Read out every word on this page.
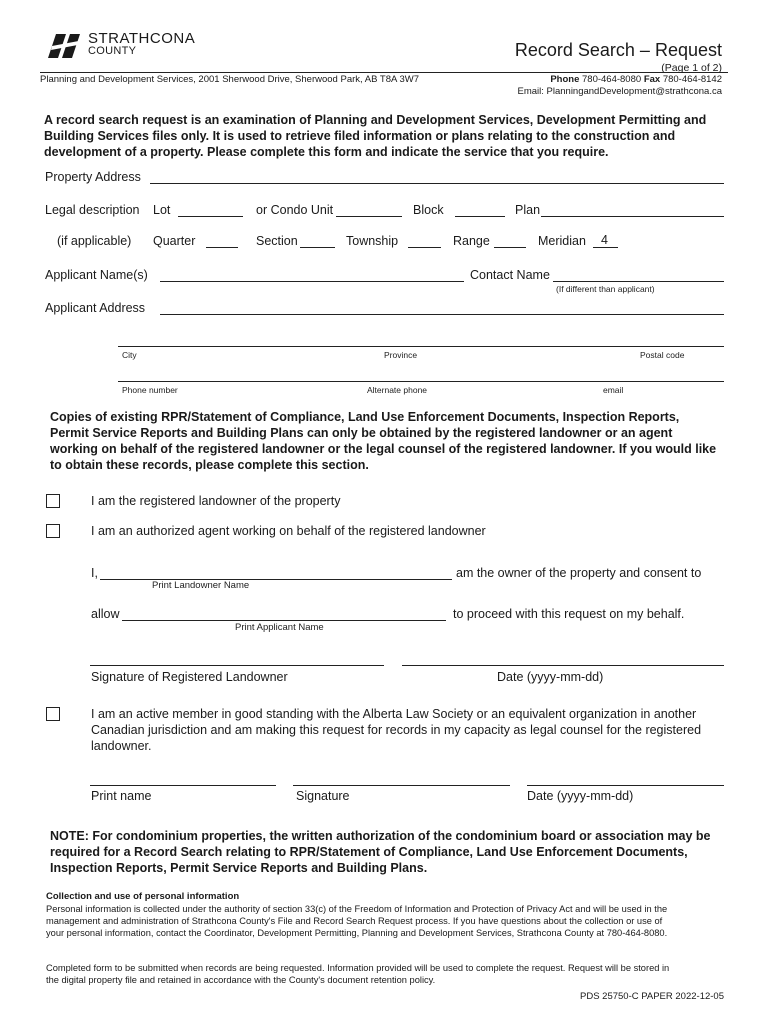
STRATHCONA
COUNTY	Record Search – Request
(Page 1 of 2)
Planning and Development Services, 2001 Sherwood Drive, Sherwood Park, AB T8A 3W7	Phone 780-464-8080 Fax 780-464-8142
Email: PlanningandDevelopment@strathcona.ca
A record search request is an examination of Planning and Development Services, Development Permitting and
Building Services files only. It is used to retrieve filed information or plans relating to the construction and
development of a property. Please complete this form and indicate the service that you require.
Property Address
Legal description Lot	or Condo Unit	Block	Plan
(if applicable) Quarter	Section	Township	Range	Meridian 4
Applicant Name(s)	Contact Name
(If different than applicant)
Applicant Address
City	Province	Postal code
Phone number	Alternate phone	email
Copies of existing RPR/Statement of Compliance, Land Use Enforcement Documents, Inspection Reports,
Permit Service Reports and Building Plans can only be obtained by the registered landowner or an agent
working on behalf of the registered landowner or the legal counsel of the registered landowner. If you would like
to obtain these records, please complete this section.
I am the registered landowner of the property
I am an authorized agent working on behalf of the registered landowner
I,	am the owner of the property and consent to
Print Landowner Name
allow	to proceed with this request on my behalf.
Print Applicant Name
Signature of Registered Landowner	Date (yyyy-mm-dd)
I am an active member in good standing with the Alberta Law Society or an equivalent organization in another
Canadian jurisdiction and am making this request for records in my capacity as legal counsel for the registered
landowner.
Print name	Signature	Date (yyyy-mm-dd)
NOTE: For condominium properties, the written authorization of the condominium board or association may be
required for a Record Search relating to RPR/Statement of Compliance, Land Use Enforcement Documents,
Inspection Reports, Permit Service Reports and Building Plans.
Collection and use of personal information
Personal information is collected under the authority of section 33(c) of the Freedom of Information and Protection of Privacy Act and will be used in the
management and administration of Strathcona County's File and Record Search Request process. If you have questions about the collection or use of
your personal information, contact the Coordinator, Development Permitting, Planning and Development Services, Strathcona County at 780-464-8080.
Completed form to be submitted when records are being requested. Information provided will be used to complete the request. Request will be stored in
the digital property file and retained in accordance with the County's document retention policy.
PDS 25750-C PAPER 2022-12-05
